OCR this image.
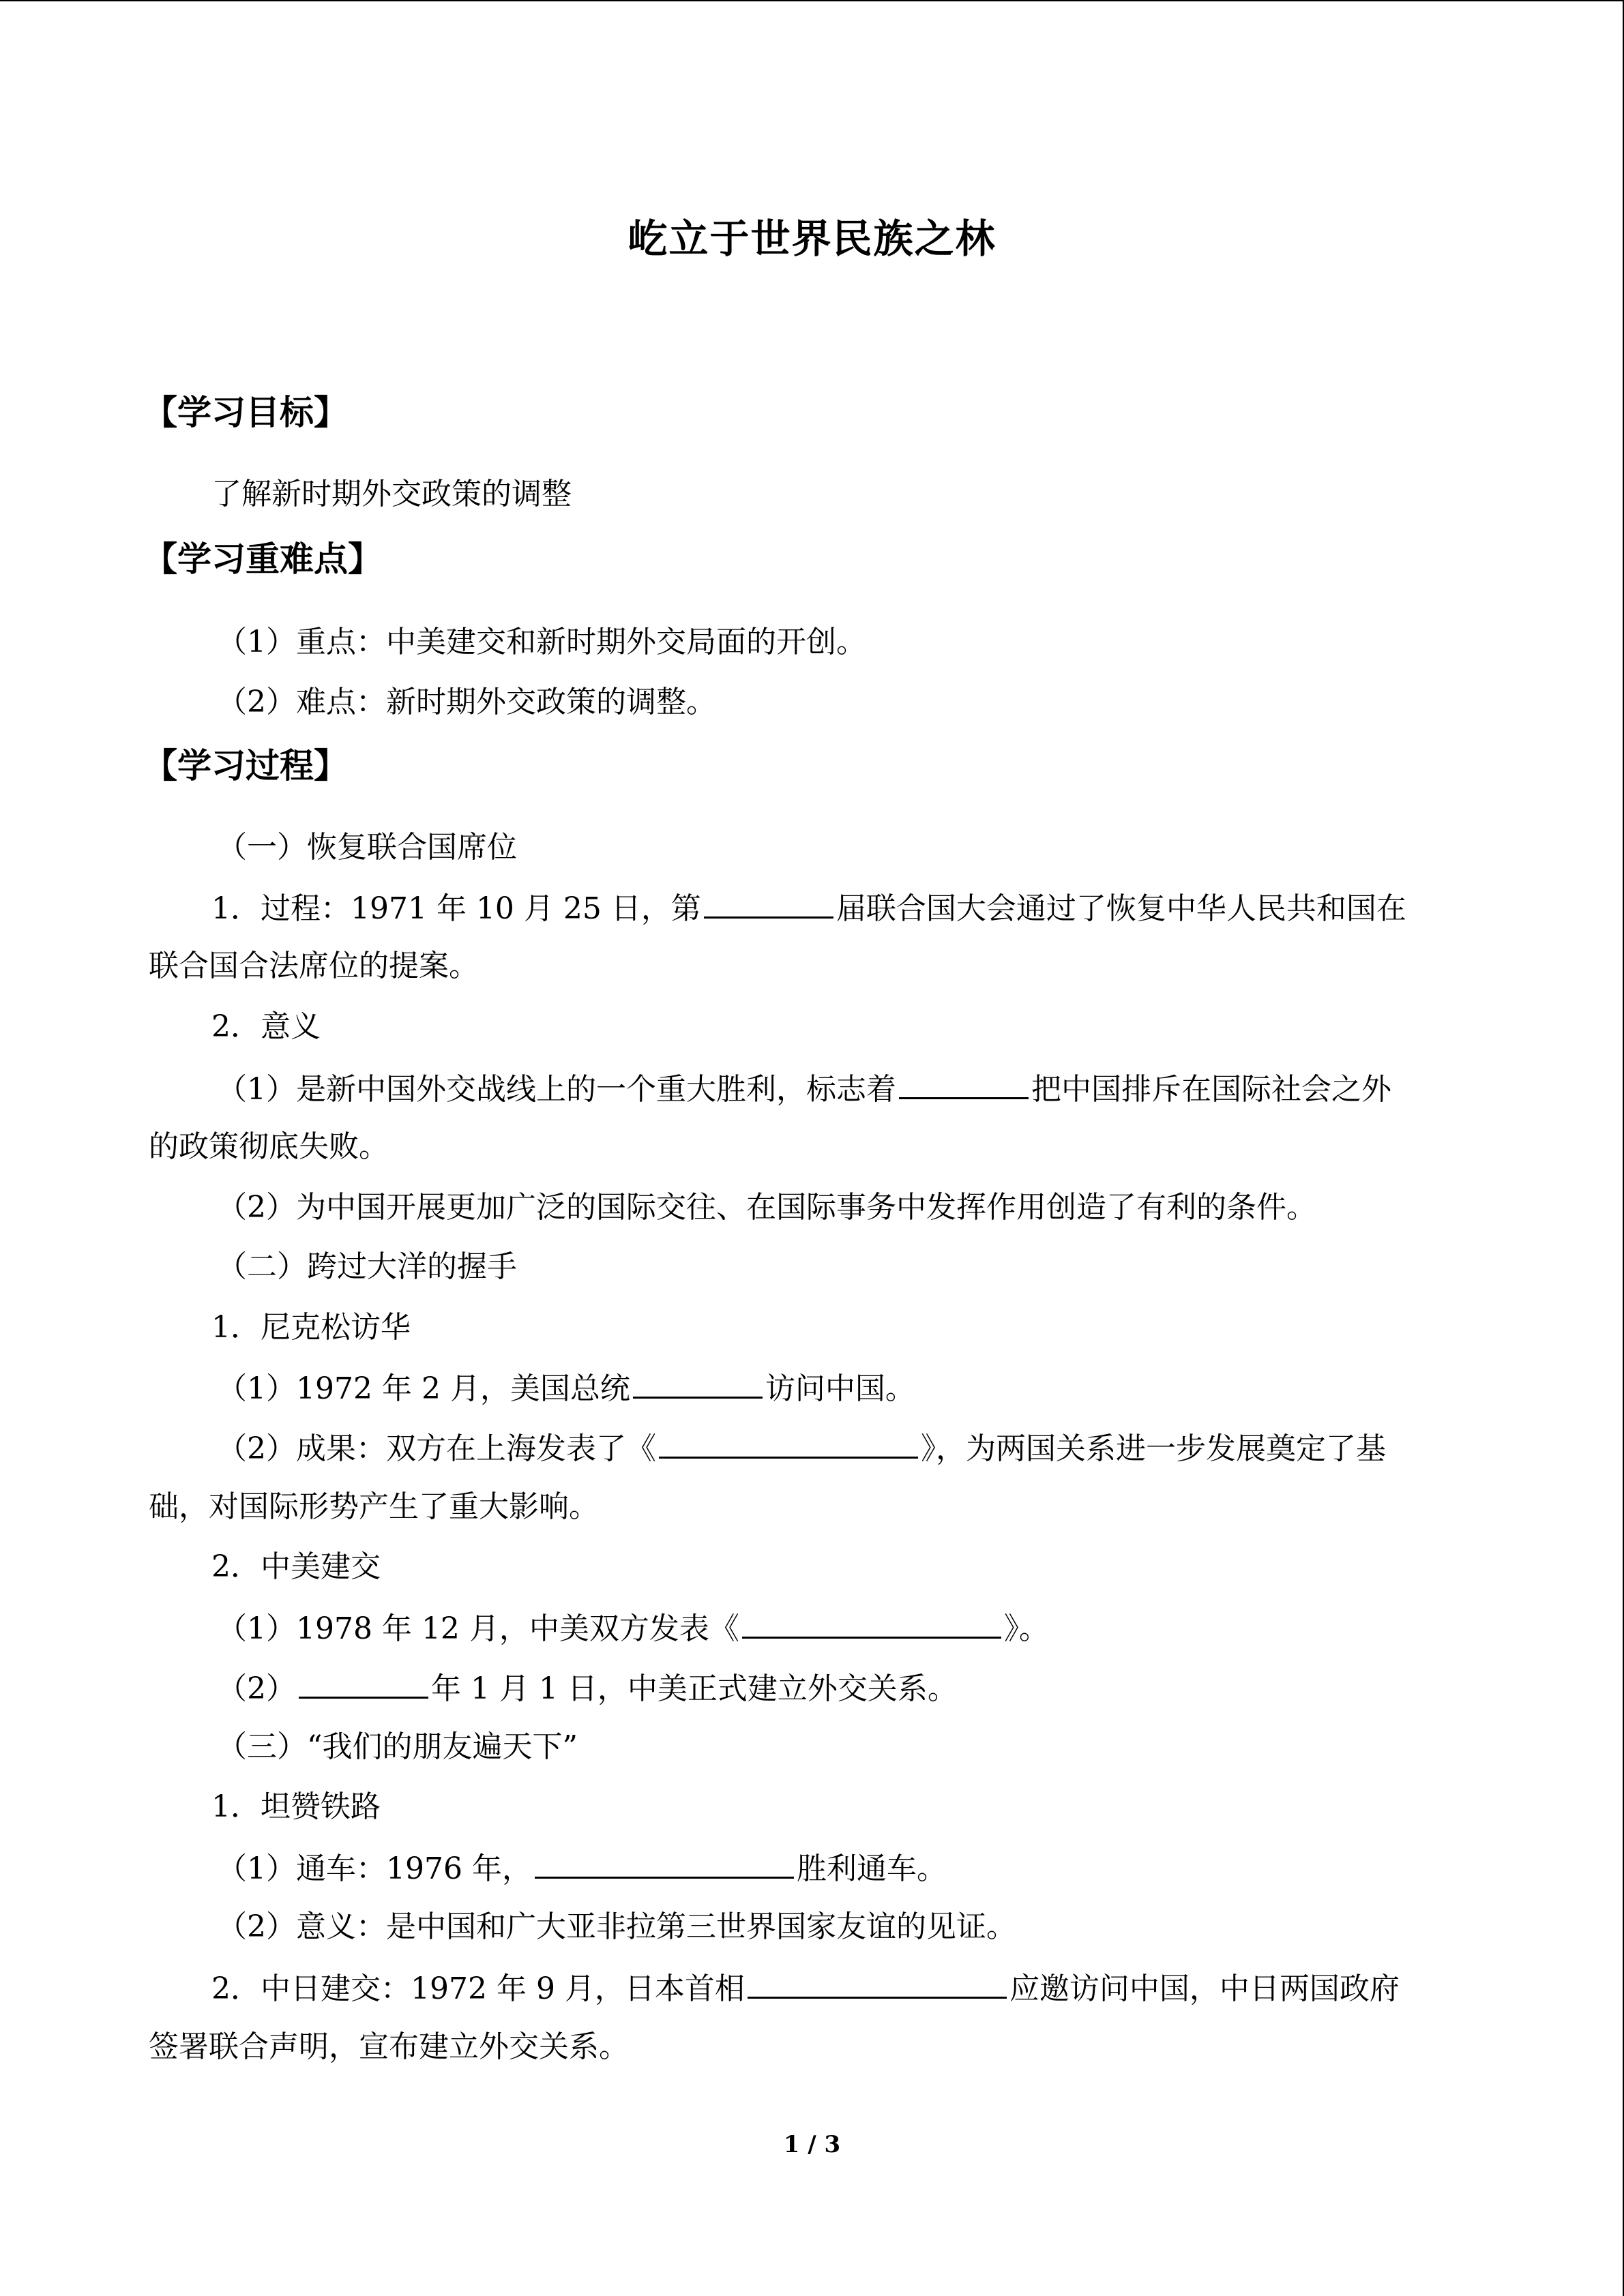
屹立于世界民族之林
【学习目标】
了解新时期外交政策的调整
【学习重难点】
（1）重点：中美建交和新时期外交局面的开创。
（2）难点：新时期外交政策的调整。
【学习过程】
（一）恢复联合国席位
1．过程：1971 年 10 月 25 日，第	届联合国大会通过了恢复中华人民共和国在
联合国合法席位的提案。
2．意义
（1）是新中国外交战线上的一个重大胜利，标志着	把中国排斥在国际社会之外
的政策彻底失败。
（2）为中国开展更加广泛的国际交往、在国际事务中发挥作用创造了有利的条件。
（二）跨过大洋的握手
1．尼克松访华
（1）1972 年 2 月，美国总统	访问中国。
（2）成果：双方在上海发表了《	》，为两国关系进一步发展奠定了基
础，对国际形势产生了重大影响。
2．中美建交
（1）1978 年 12 月，中美双方发表《	》。
（2）	年 1 月 1 日，中美正式建立外交关系。
（三）“我们的朋友遍天下”
1．坦赞铁路
（1）通车：1976 年，	胜利通车。
（2）意义：是中国和广大亚非拉第三世界国家友谊的见证。
2．中日建交：1972 年 9 月，日本首相	应邀访问中国，中日两国政府
签署联合声明，宣布建立外交关系。
1 / 3
